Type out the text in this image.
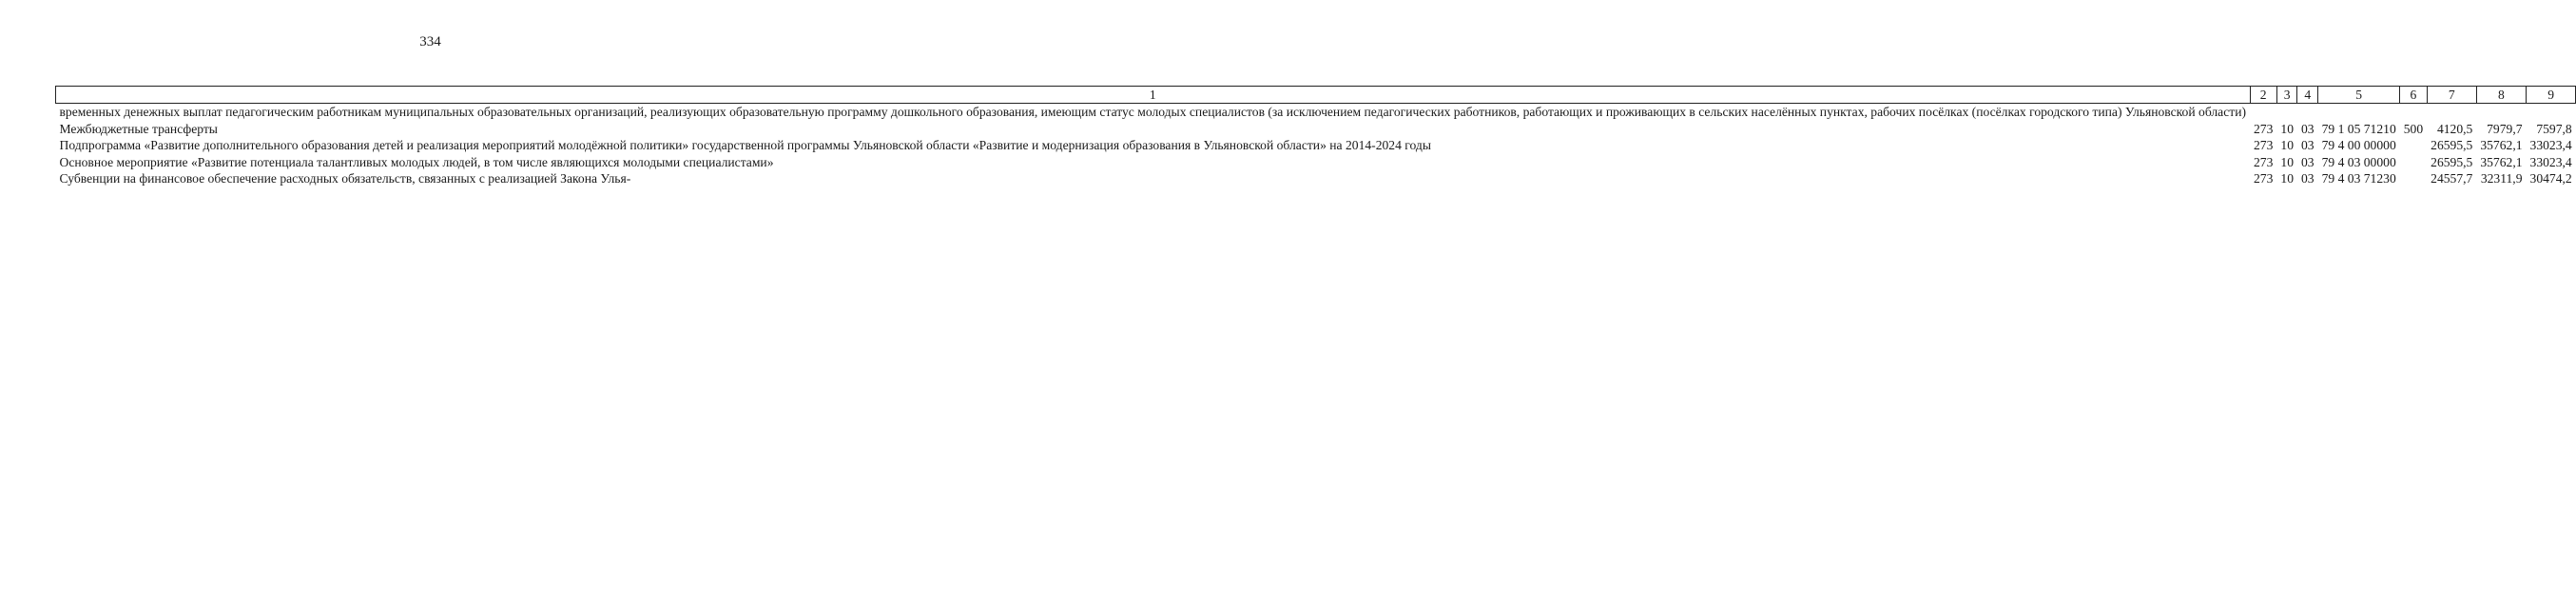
334
1	2	3	4	5	6	7	8	9
временных денежных выплат педагогическим работникам муниципальных образовательных организаций, реализующих образовательную программу дошкольного образования, имеющим статус молодых специалистов (за исключением педагогических работников, работающих и проживающих в сельских населённых пунктах, рабочих посёлках (посёлках городского типа) Ульяновской области)								
Межбюджетные трансферты	273	10	03	79 1 05 71210	500	4120,5	7979,7	7597,8
Подпрограмма «Развитие дополнительного образования детей и реализация мероприятий молодёжной политики» государственной программы Ульяновской области «Развитие и модернизация образования в Ульяновской области» на 2014-2024 годы	273	10	03	79 4 00 00000		26595,5	35762,1	33023,4
Основное мероприятие «Развитие потенциала талантливых молодых людей, в том числе являющихся молодыми специалистами»	273	10	03	79 4 03 00000		26595,5	35762,1	33023,4
Субвенции на финансовое обеспечение расходных обязательств, связанных с реализацией Закона Улья-	273	10	03	79 4 03 71230		24557,7	32311,9	30474,2
